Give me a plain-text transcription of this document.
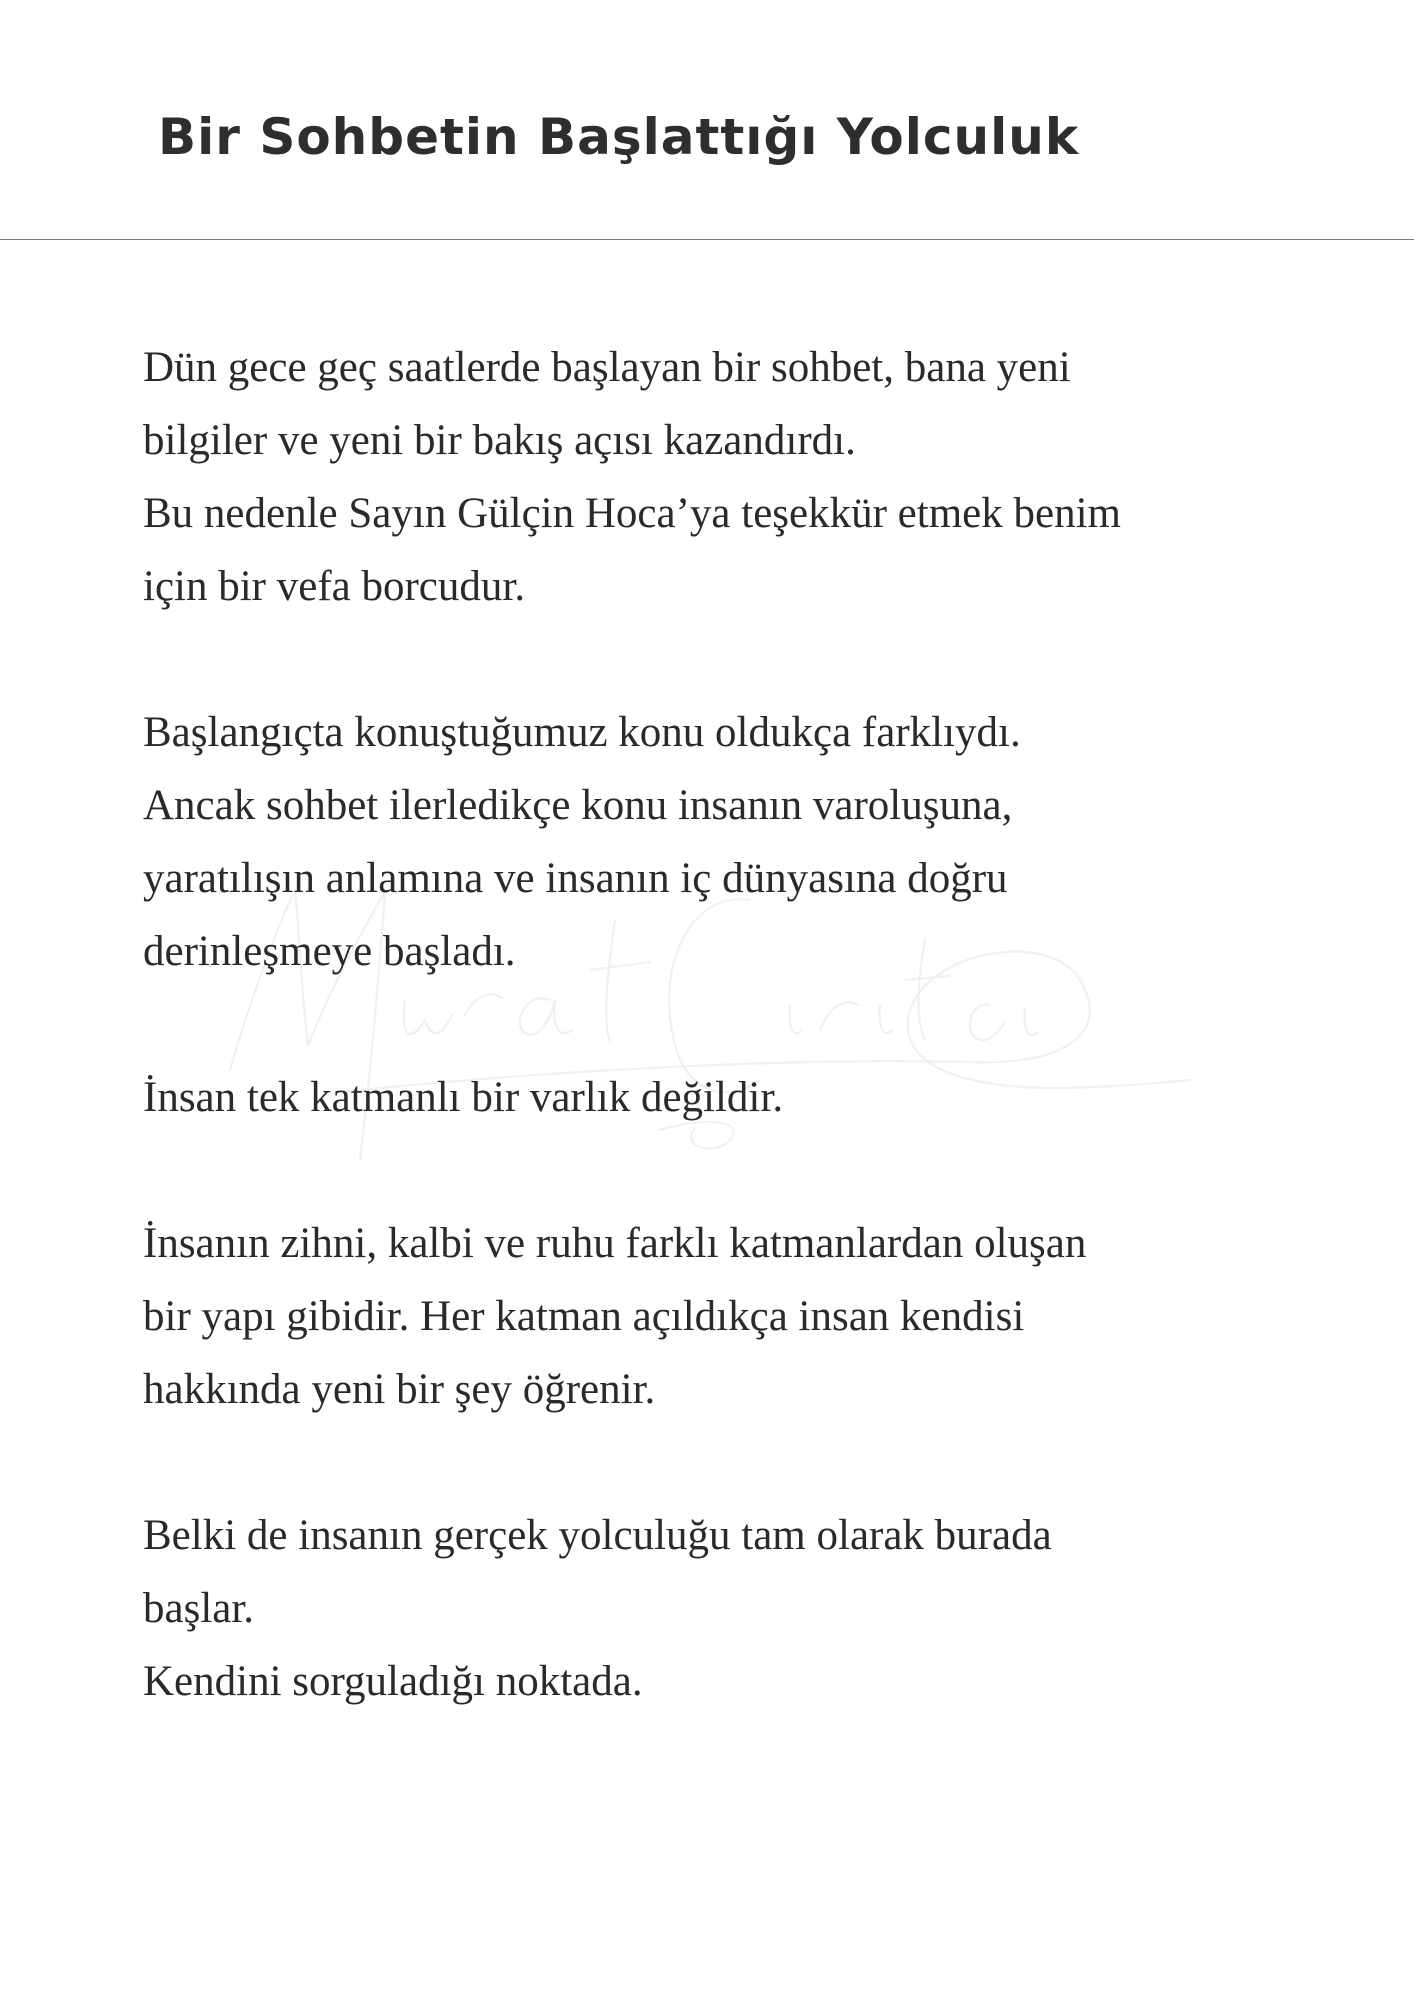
Bir Sohbetin Başlattığı Yolculuk

Dün gece geç saatlerde başlayan bir sohbet, bana yeni
bilgiler ve yeni bir bakış açısı kazandırdı.
Bu nedenle Sayın Gülçin Hoca’ya teşekkür etmek benim
için bir vefa borcudur.

Başlangıçta konuştuğumuz konu oldukça farklıydı.
Ancak sohbet ilerledikçe konu insanın varoluşuna,
yaratılışın anlamına ve insanın iç dünyasına doğru
derinleşmeye başladı.

İnsan tek katmanlı bir varlık değildir.

İnsanın zihni, kalbi ve ruhu farklı katmanlardan oluşan
bir yapı gibidir. Her katman açıldıkça insan kendisi
hakkında yeni bir şey öğrenir.

Belki de insanın gerçek yolculuğu tam olarak burada
başlar.
Kendini sorguladığı noktada.
